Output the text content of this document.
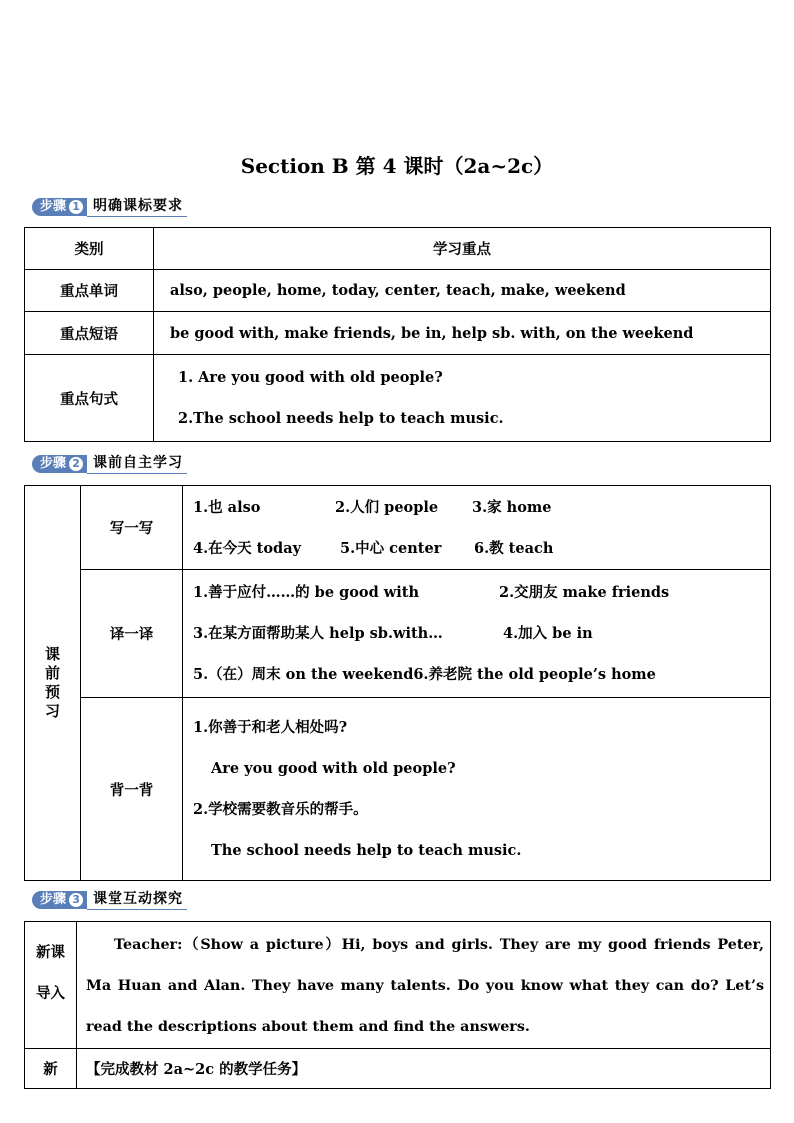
Section B 第 4 课时（2a~2c）
步骤 1 明确课标要求
类别	学习重点
重点单词	also, people, home, today, center, teach, make, weekend
重点短语	be good with, make friends, be in, help sb. with, on the weekend
重点句式	1. Are you good with old people?
2.The school needs help to teach music.
步骤 2 课前自主学习
课前预习	写一写	1.也 also 2.人们 people 3.家 home
4.在今天 today 5.中心 center 6.教 teach

	译一译	1.善于应付……的 be good with 2.交朋友 make friends
3.在某方面帮助某人 help sb.with… 4.加入 be in
5.（在）周末 on the weekend6.养老院 the old people’s home

	背一背	1.你善于和老人相处吗?
Are you good with old people?
2.学校需要教音乐的帮手。
The school needs help to teach music.
步骤 3 课堂互动探究

新课

导入	Teacher:（Show a picture）Hi, boys and girls. They are my good friends Peter, Ma Huan and Alan. They have many talents. Do you know what they can do? Let’s read the descriptions about them and find the answers.
新	【完成教材 2a~2c 的教学任务】
